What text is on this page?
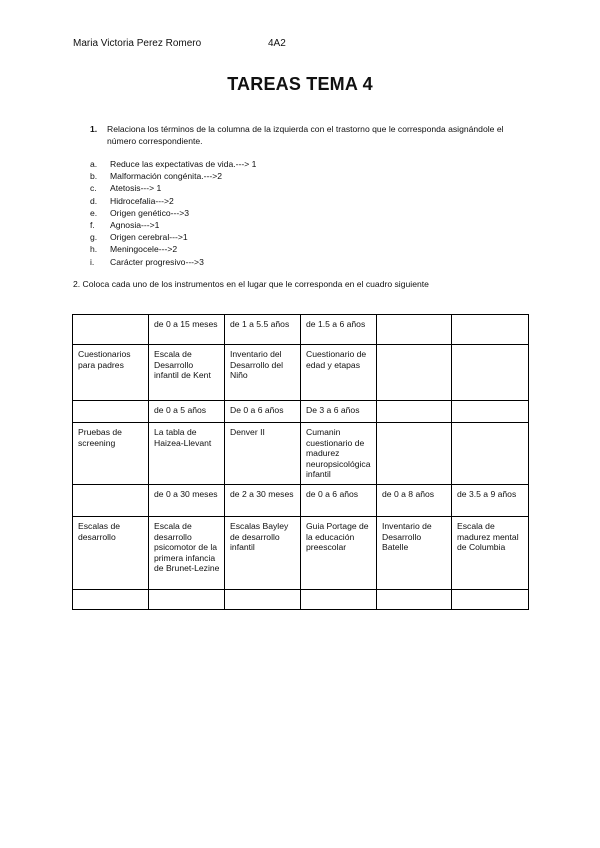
Maria Victoria Perez Romero	4A2
TAREAS TEMA 4
1. Relaciona los términos de la columna de la izquierda con el trastorno que le corresponda asignándole el número correspondiente.
a. Reduce las expectativas de vida.---> 1
b. Malformación congénita.--->2
c. Atetosis---> 1
d. Hidrocefalia--->2
e. Origen genético--->3
f. Agnosia--->1
g. Origen cerebral--->1
h. Meningocele--->2
i. Carácter progresivo--->3
2. Coloca cada uno de los instrumentos en el lugar que le corresponda en el cuadro siguiente
	de 0 a 15 meses	de 1 a 5.5 años	de 1.5 a 6 años		
Cuestionarios para padres	Escala de Desarrollo infantil de Kent	Inventario del Desarrollo del Niño	Cuestionario de edad y etapas		
	de 0 a 5 años	De 0 a 6 años	De 3 a 6 años		
Pruebas de screening	La tabla de Haizea-Llevant	Denver II	Cumanin cuestionario de madurez neuropsicológica infantil		
	de 0 a 30 meses	de 2 a 30 meses	de 0 a 6 años	de 0 a 8 años	de 3.5 a 9 años
Escalas de desarrollo	Escala de desarrollo psicomotor de la primera infancia de Brunet-Lezine	Escalas Bayley de desarrollo infantil	Guia Portage de la educación preescolar	Inventario de Desarrollo Batelle	Escala de madurez mental de Columbia
